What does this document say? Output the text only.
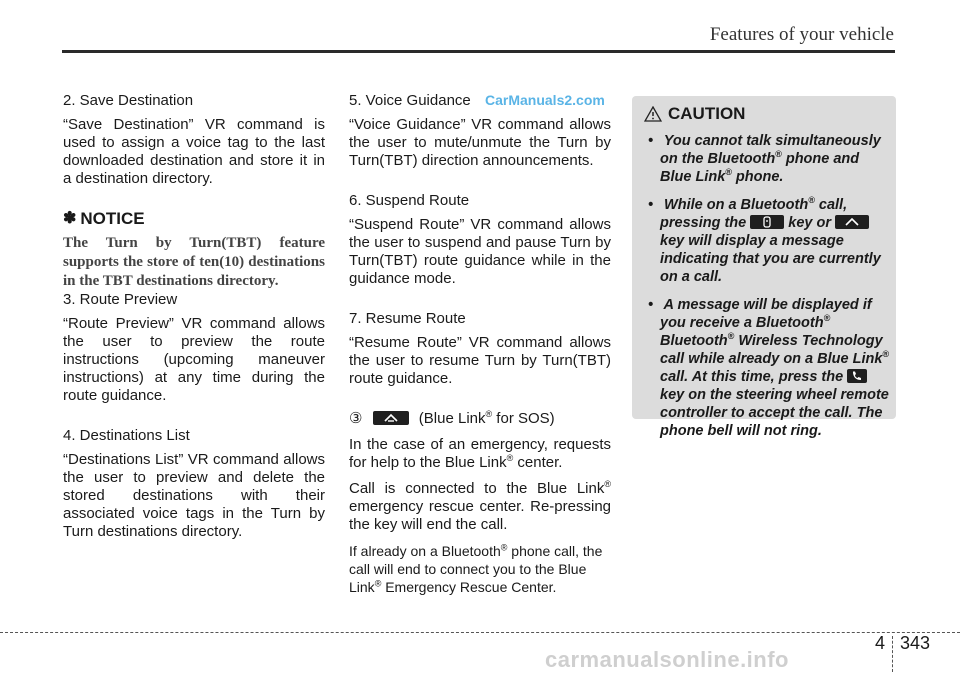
Features of your vehicle
CarManuals2.com

2. Save Destination

“Save Destination” VR command is used to assign a voice tag to the last downloaded destination and store it in a destination directory.

✽ NOTICE

The Turn by Turn(TBT) feature supports the store of ten(10) destinations in the TBT destinations directory.

3. Route Preview

“Route Preview” VR command allows the user to preview the route instructions (upcoming maneuver instructions) at any time during the route guidance.

4. Destinations List

“Destinations List” VR command allows the user to preview and delete the stored destinations with their associated voice tags in the Turn by Turn destinations directory.

5. Voice Guidance

“Voice Guidance” VR command allows the user to mute/unmute the Turn by Turn(TBT) direction announcements.

6. Suspend Route

“Suspend Route” VR command allows the user to suspend and pause Turn by Turn(TBT) route guidance while in the guidance mode.

7. Resume Route

“Resume Route” VR command allows the user to resume Turn by Turn(TBT) route guidance.

③	(Blue Link® for SOS)

In the case of an emergency, requests for help to the Blue Link® center.

Call is connected to the Blue Link® emergency rescue center. Re-pressing the key will end the call.

If already on a Bluetooth® phone call, the call will end to connect you to the Blue Link® Emergency Rescue Center.

CAUTION
• You cannot talk simultaneously on the Bluetooth® phone and Blue Link® phone.
• While on a Bluetooth® call, pressing the
key or
key will display a message indicating that you are currently on a call.
• A message will be displayed if you receive a Bluetooth® Bluetooth® Wireless Technology call while already on a Blue Link® call. At this time, press the
key on the steering wheel remote controller to accept the call. The phone bell will not ring.
4 343
carmanualsonline.info
